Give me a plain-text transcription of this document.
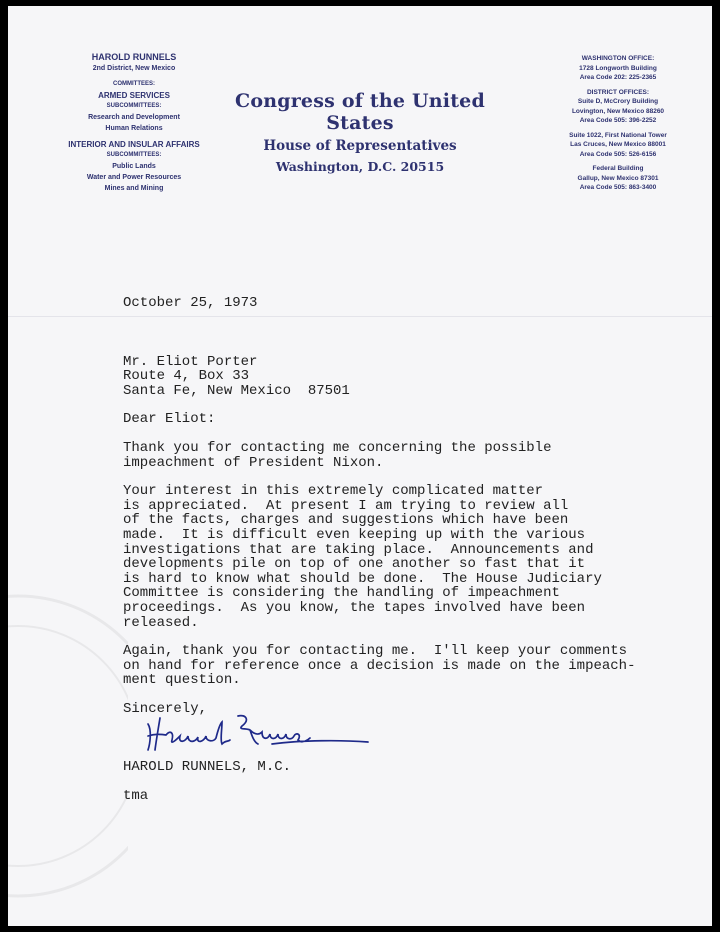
HAROLD RUNNELS
2nd District, New Mexico
COMMITTEES:
ARMED SERVICES
SUBCOMMITTEES:
Research and Development
Human Relations
INTERIOR AND INSULAR AFFAIRS
SUBCOMMITTEES:
Public Lands
Water and Power Resources
Mines and Mining
Congress of the United States
House of Representatives
Washington, D.C. 20515
WASHINGTON OFFICE:
1728 Longworth Building
Area Code 202: 225-2365
DISTRICT OFFICES:
Suite D, McCrory Building
Lovington, New Mexico 88260
Area Code 505: 396-2252
Suite 1022, First National Tower
Las Cruces, New Mexico 88001
Area Code 505: 526-6156
Federal Building
Gallup, New Mexico 87301
Area Code 505: 863-3400
October 25, 1973
Mr. Eliot Porter
Route 4, Box 33
Santa Fe, New Mexico  87501
Dear Eliot:
Thank you for contacting me concerning the possible
impeachment of President Nixon.
Your interest in this extremely complicated matter
is appreciated.  At present I am trying to review all
of the facts, charges and suggestions which have been
made.  It is difficult even keeping up with the various
investigations that are taking place.  Announcements and
developments pile on top of one another so fast that it
is hard to know what should be done.  The House Judiciary
Committee is considering the handling of impeachment
proceedings.  As you know, the tapes involved have been
released.
Again, thank you for contacting me.  I'll keep your comments
on hand for reference once a decision is made on the impeach-
ment question.
Sincerely,
HAROLD RUNNELS, M.C.
tma
